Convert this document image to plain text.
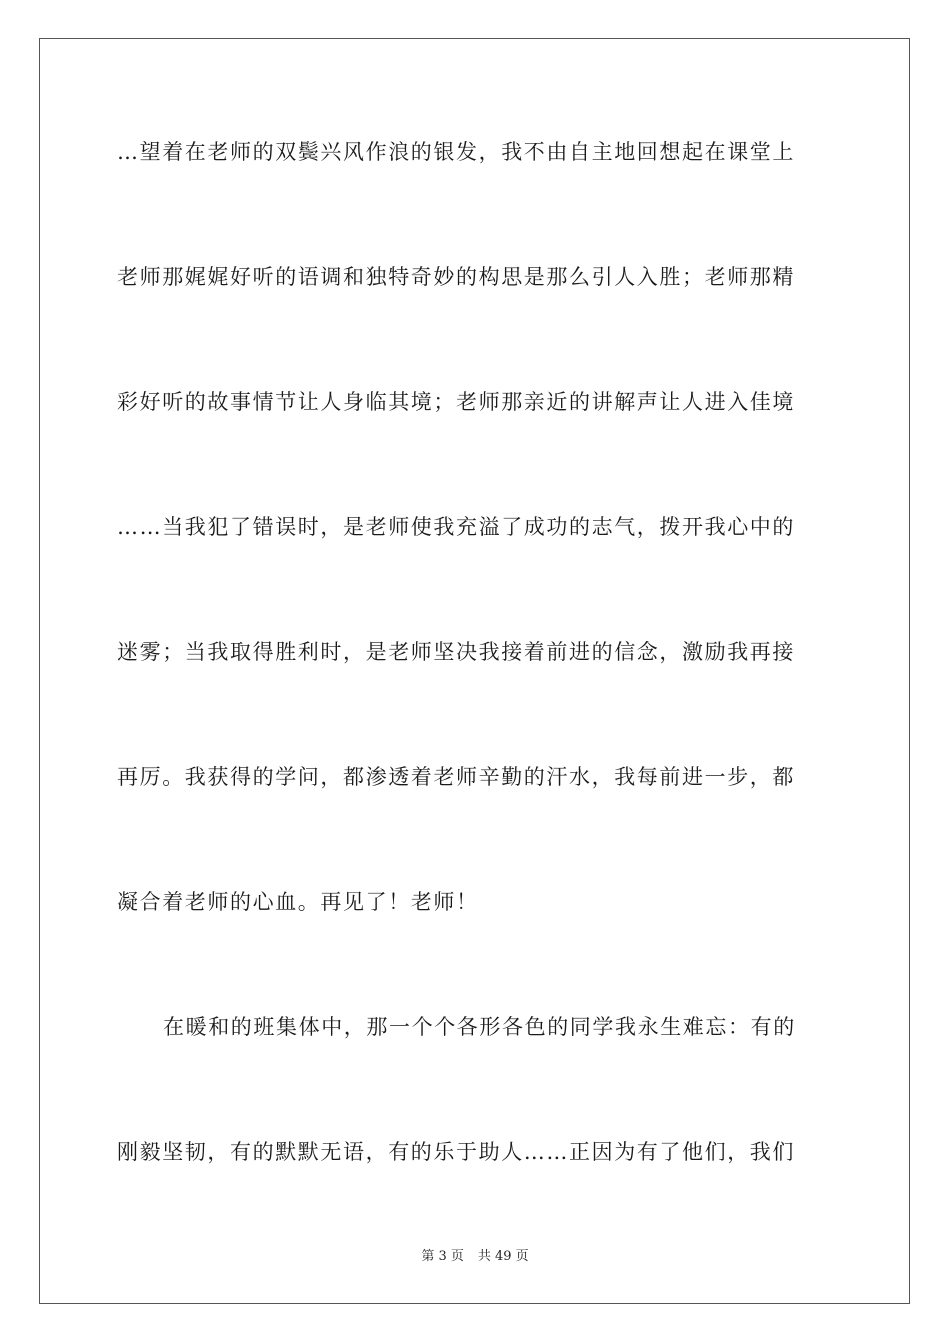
…望着在老师的双鬓兴风作浪的银发，我不由自主地回想起在课堂上
老师那娓娓好听的语调和独特奇妙的构思是那么引人入胜；老师那精
彩好听的故事情节让人身临其境；老师那亲近的讲解声让人进入佳境
……当我犯了错误时，是老师使我充溢了成功的志气，拨开我心中的
迷雾；当我取得胜利时，是老师坚决我接着前进的信念，激励我再接
再厉。我获得的学问，都渗透着老师辛勤的汗水，我每前进一步，都
凝合着老师的心血。再见了！老师！
在暖和的班集体中，那一个个各形各色的同学我永生难忘：有的
刚毅坚韧，有的默默无语，有的乐于助人……正因为有了他们，我们
第 3 页 共 49 页
